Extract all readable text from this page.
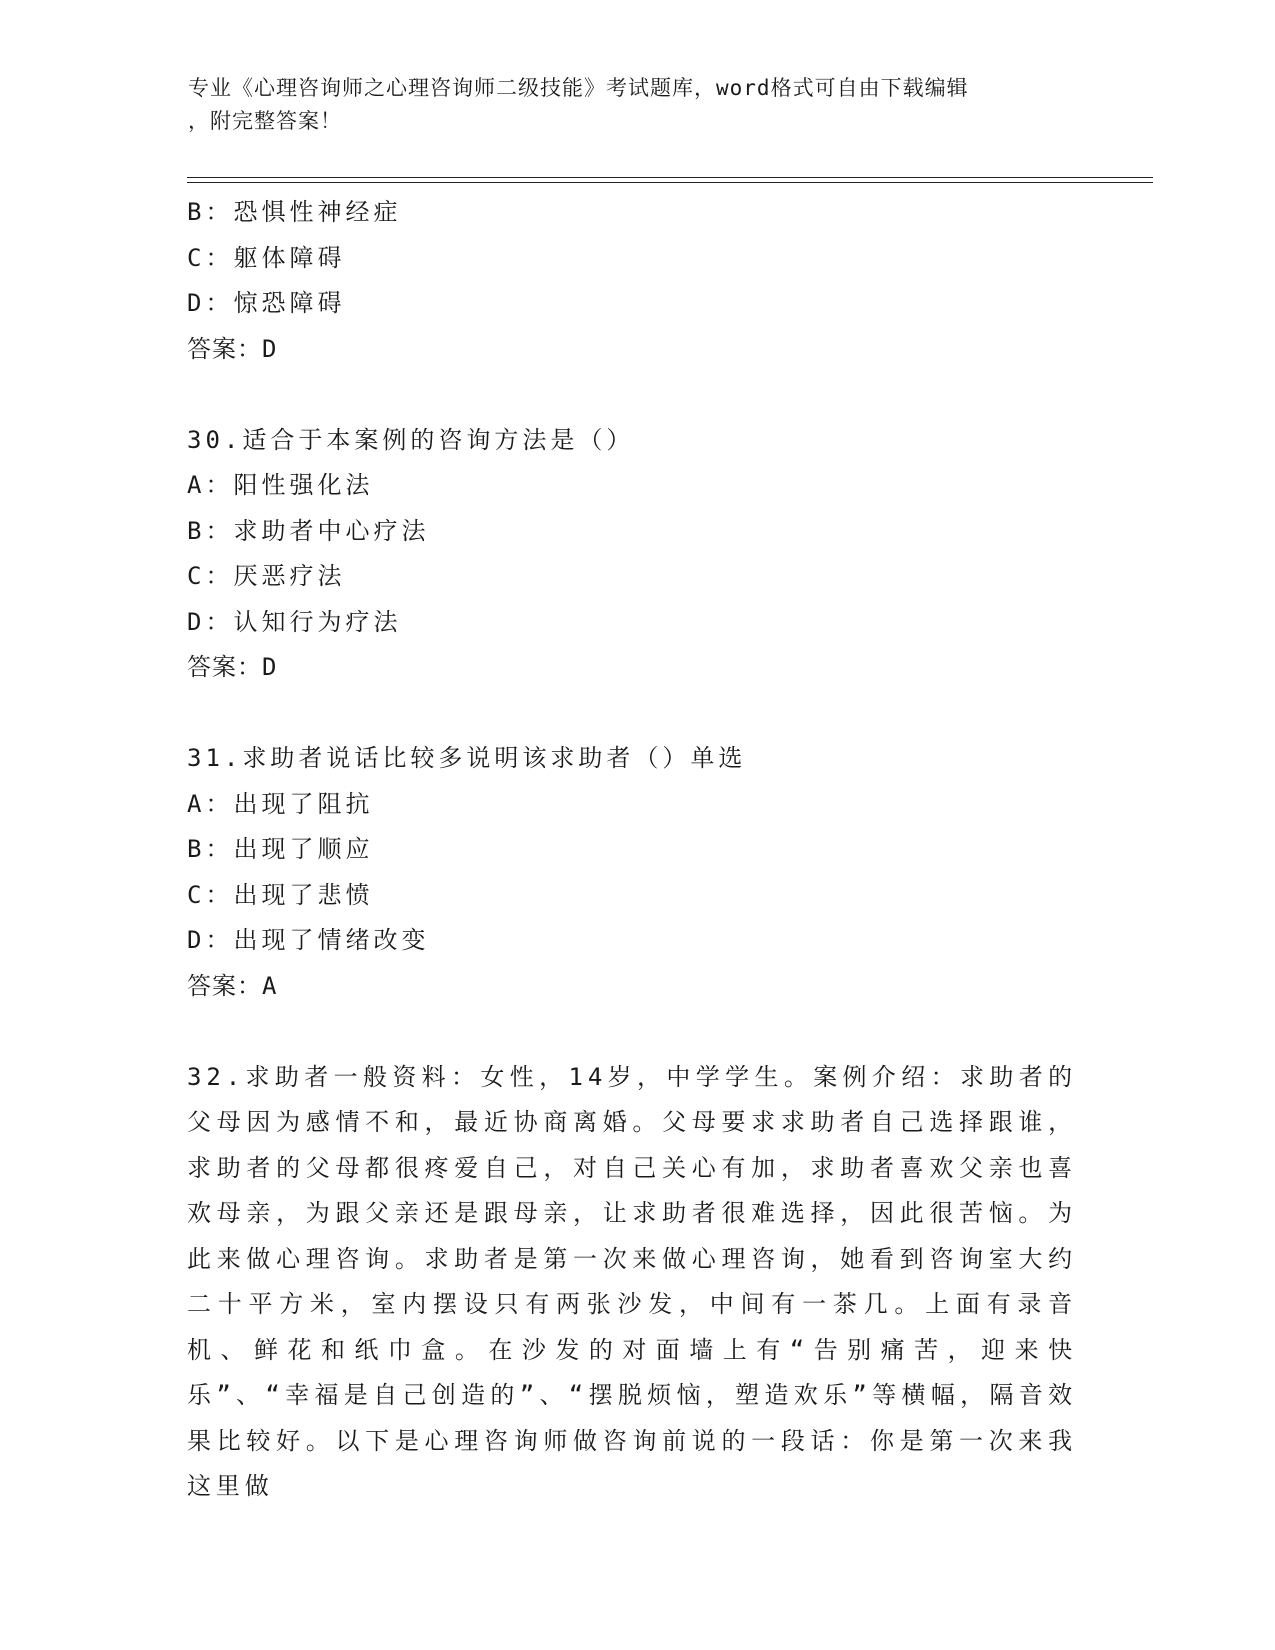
专业《心理咨询师之心理咨询师二级技能》考试题库，word格式可自由下载编辑
，附完整答案！
B：恐惧性神经症
C：躯体障碍
D：惊恐障碍
答案：D
30.适合于本案例的咨询方法是（）
A：阳性强化法
B：求助者中心疗法
C：厌恶疗法
D：认知行为疗法
答案：D
31.求助者说话比较多说明该求助者（）单选
A：出现了阻抗
B：出现了顺应
C：出现了悲愤
D：出现了情绪改变
答案：A

32.求助者一般资料：女性，14岁，中学学生。案例介绍：求助者的父母因为感情不和，最近协商离婚。父母要求求助者自己选择跟谁，求助者的父母都很疼爱自己，对自己关心有加，求助者喜欢父亲也喜欢母亲，为跟父亲还是跟母亲，让求助者很难选择，因此很苦恼。为此来做心理咨询。求助者是第一次来做心理咨询，她看到咨询室大约二十平方米，室内摆设只有两张沙发，中间有一茶几。上面有录音机、鲜花和纸巾盒。在沙发的对面墙上有“告别痛苦，迎来快乐”、“幸福是自己创造的”、“摆脱烦恼，塑造欢乐”等横幅，隔音效果比较好。以下是心理咨询师做咨询前说的一段话：你是第一次来我这里做
